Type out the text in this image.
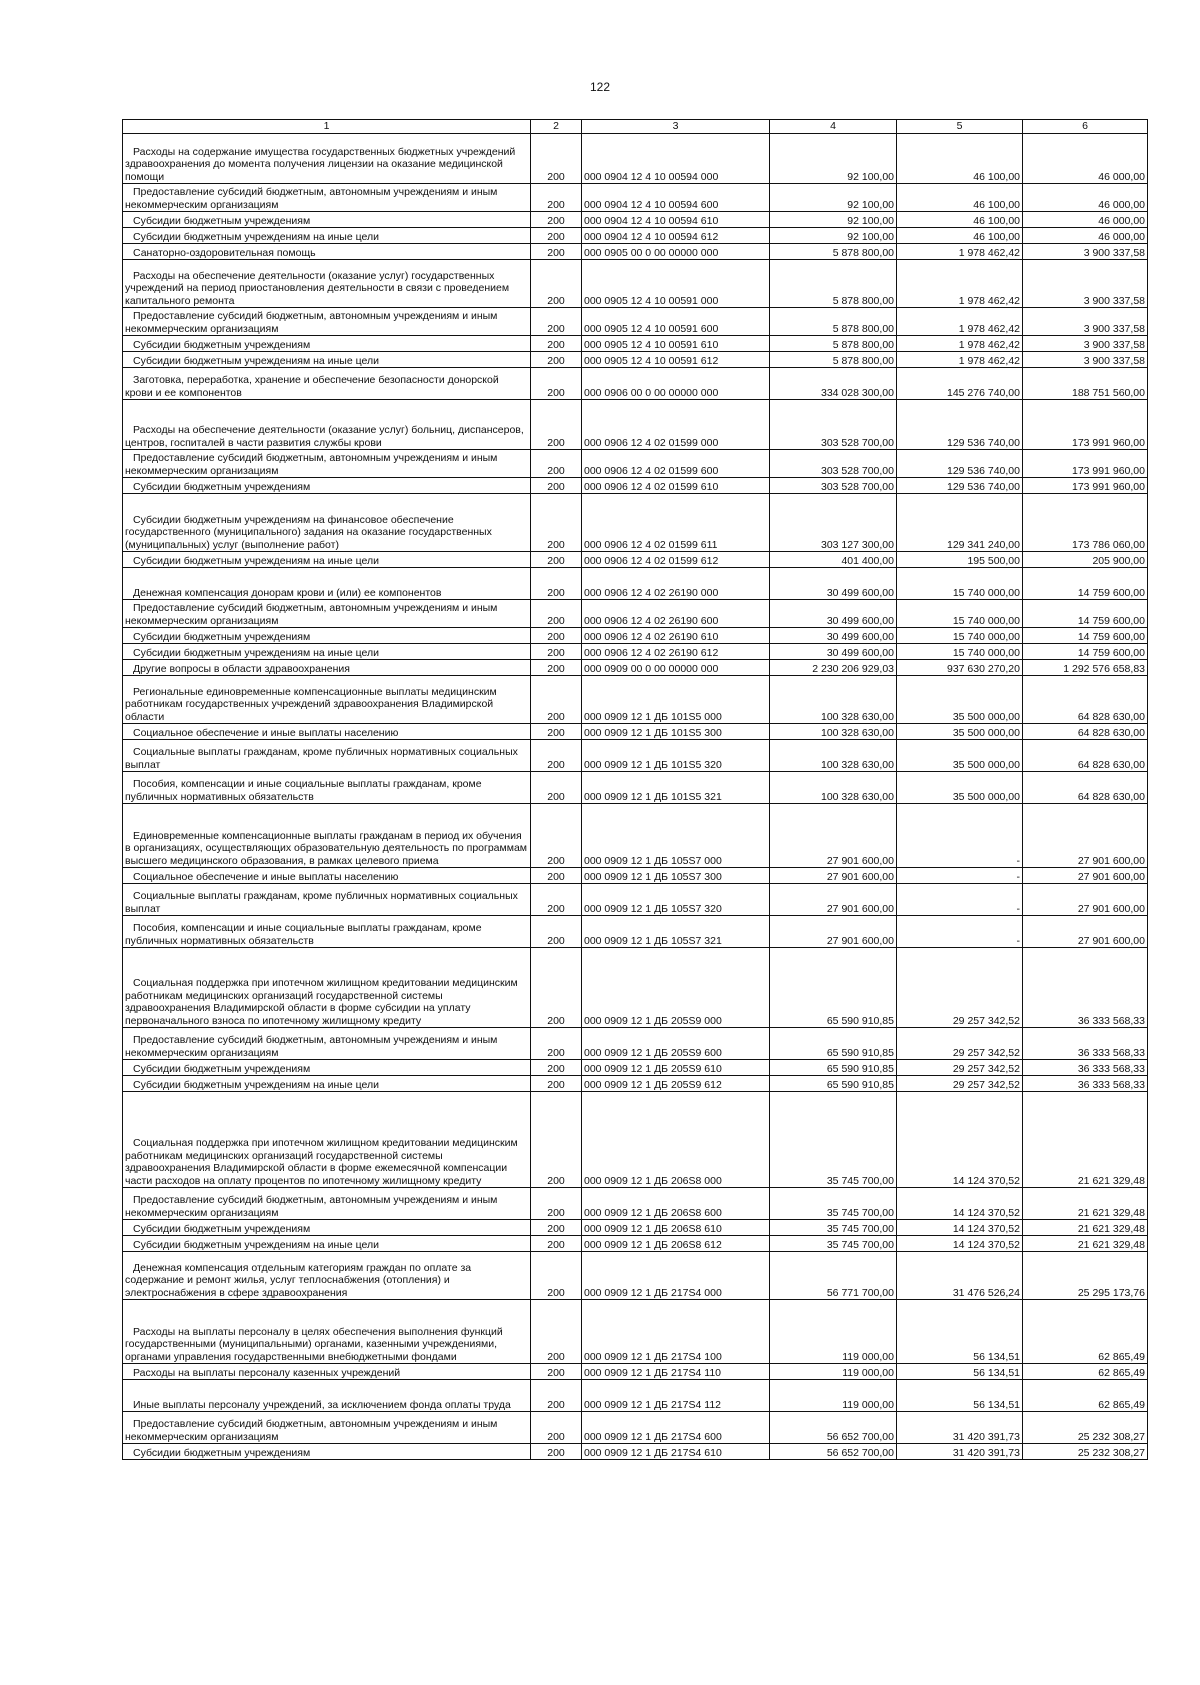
122
1	2	3	4	5	6
Расходы на содержание имущества государственных бюджетных учреждений здравоохранения до момента получения лицензии на оказание медицинской помощи	200	000 0904 12 4 10 00594 000	92 100,00	46 100,00	46 000,00
Предоставление субсидий бюджетным, автономным учреждениям и иным некоммерческим организациям	200	000 0904 12 4 10 00594 600	92 100,00	46 100,00	46 000,00
Субсидии бюджетным учреждениям	200	000 0904 12 4 10 00594 610	92 100,00	46 100,00	46 000,00
Субсидии бюджетным учреждениям на иные цели	200	000 0904 12 4 10 00594 612	92 100,00	46 100,00	46 000,00
Санаторно-оздоровительная помощь	200	000 0905 00 0 00 00000 000	5 878 800,00	1 978 462,42	3 900 337,58
Расходы на обеспечение деятельности (оказание услуг) государственных учреждений на период приостановления деятельности в связи с проведением капитального ремонта	200	000 0905 12 4 10 00591 000	5 878 800,00	1 978 462,42	3 900 337,58
Предоставление субсидий бюджетным, автономным учреждениям и иным некоммерческим организациям	200	000 0905 12 4 10 00591 600	5 878 800,00	1 978 462,42	3 900 337,58
Субсидии бюджетным учреждениям	200	000 0905 12 4 10 00591 610	5 878 800,00	1 978 462,42	3 900 337,58
Субсидии бюджетным учреждениям на иные цели	200	000 0905 12 4 10 00591 612	5 878 800,00	1 978 462,42	3 900 337,58
Заготовка, переработка, хранение и обеспечение безопасности донорской крови и ее компонентов	200	000 0906 00 0 00 00000 000	334 028 300,00	145 276 740,00	188 751 560,00
Расходы на обеспечение деятельности (оказание услуг) больниц, диспансеров, центров, госпиталей в части развития службы крови	200	000 0906 12 4 02 01599 000	303 528 700,00	129 536 740,00	173 991 960,00
Предоставление субсидий бюджетным, автономным учреждениям и иным некоммерческим организациям	200	000 0906 12 4 02 01599 600	303 528 700,00	129 536 740,00	173 991 960,00
Субсидии бюджетным учреждениям	200	000 0906 12 4 02 01599 610	303 528 700,00	129 536 740,00	173 991 960,00
Субсидии бюджетным учреждениям на финансовое обеспечение государственного (муниципального) задания на оказание государственных (муниципальных) услуг (выполнение работ)	200	000 0906 12 4 02 01599 611	303 127 300,00	129 341 240,00	173 786 060,00
Субсидии бюджетным учреждениям на иные цели	200	000 0906 12 4 02 01599 612	401 400,00	195 500,00	205 900,00
Денежная компенсация донорам крови и (или) ее компонентов	200	000 0906 12 4 02 26190 000	30 499 600,00	15 740 000,00	14 759 600,00
Предоставление субсидий бюджетным, автономным учреждениям и иным некоммерческим организациям	200	000 0906 12 4 02 26190 600	30 499 600,00	15 740 000,00	14 759 600,00
Субсидии бюджетным учреждениям	200	000 0906 12 4 02 26190 610	30 499 600,00	15 740 000,00	14 759 600,00
Субсидии бюджетным учреждениям на иные цели	200	000 0906 12 4 02 26190 612	30 499 600,00	15 740 000,00	14 759 600,00
Другие вопросы в области здравоохранения	200	000 0909 00 0 00 00000 000	2 230 206 929,03	937 630 270,20	1 292 576 658,83
Региональные единовременные компенсационные выплаты медицинским работникам государственных учреждений здравоохранения Владимирской области	200	000 0909 12 1 ДБ 101S5 000	100 328 630,00	35 500 000,00	64 828 630,00
Социальное обеспечение и иные выплаты населению	200	000 0909 12 1 ДБ 101S5 300	100 328 630,00	35 500 000,00	64 828 630,00
Социальные выплаты гражданам, кроме публичных нормативных социальных выплат	200	000 0909 12 1 ДБ 101S5 320	100 328 630,00	35 500 000,00	64 828 630,00
Пособия, компенсации и иные социальные выплаты гражданам, кроме публичных нормативных обязательств	200	000 0909 12 1 ДБ 101S5 321	100 328 630,00	35 500 000,00	64 828 630,00
Единовременные компенсационные выплаты гражданам в период их обучения в организациях, осуществляющих образовательную деятельность по программам высшего медицинского образования, в рамках целевого приема	200	000 0909 12 1 ДБ 105S7 000	27 901 600,00	-	27 901 600,00
Социальное обеспечение и иные выплаты населению	200	000 0909 12 1 ДБ 105S7 300	27 901 600,00	-	27 901 600,00
Социальные выплаты гражданам, кроме публичных нормативных социальных выплат	200	000 0909 12 1 ДБ 105S7 320	27 901 600,00	-	27 901 600,00
Пособия, компенсации и иные социальные выплаты гражданам, кроме публичных нормативных обязательств	200	000 0909 12 1 ДБ 105S7 321	27 901 600,00	-	27 901 600,00
Социальная поддержка при ипотечном жилищном кредитовании медицинским работникам медицинских организаций государственной системы здравоохранения Владимирской области в форме субсидии на уплату первоначального взноса по ипотечному жилищному кредиту	200	000 0909 12 1 ДБ 205S9 000	65 590 910,85	29 257 342,52	36 333 568,33
Предоставление субсидий бюджетным, автономным учреждениям и иным некоммерческим организациям	200	000 0909 12 1 ДБ 205S9 600	65 590 910,85	29 257 342,52	36 333 568,33
Субсидии бюджетным учреждениям	200	000 0909 12 1 ДБ 205S9 610	65 590 910,85	29 257 342,52	36 333 568,33
Субсидии бюджетным учреждениям на иные цели	200	000 0909 12 1 ДБ 205S9 612	65 590 910,85	29 257 342,52	36 333 568,33
Социальная поддержка при ипотечном жилищном кредитовании медицинским работникам медицинских организаций государственной системы здравоохранения Владимирской области в форме ежемесячной компенсации части расходов на оплату процентов по ипотечному жилищному кредиту	200	000 0909 12 1 ДБ 206S8 000	35 745 700,00	14 124 370,52	21 621 329,48
Предоставление субсидий бюджетным, автономным учреждениям и иным некоммерческим организациям	200	000 0909 12 1 ДБ 206S8 600	35 745 700,00	14 124 370,52	21 621 329,48
Субсидии бюджетным учреждениям	200	000 0909 12 1 ДБ 206S8 610	35 745 700,00	14 124 370,52	21 621 329,48
Субсидии бюджетным учреждениям на иные цели	200	000 0909 12 1 ДБ 206S8 612	35 745 700,00	14 124 370,52	21 621 329,48
Денежная компенсация отдельным категориям граждан по оплате за содержание и ремонт жилья, услуг теплоснабжения (отопления) и электроснабжения в сфере здравоохранения	200	000 0909 12 1 ДБ 217S4 000	56 771 700,00	31 476 526,24	25 295 173,76
Расходы на выплаты персоналу в целях обеспечения выполнения функций государственными (муниципальными) органами, казенными учреждениями, органами управления государственными внебюджетными фондами	200	000 0909 12 1 ДБ 217S4 100	119 000,00	56 134,51	62 865,49
Расходы на выплаты персоналу казенных учреждений	200	000 0909 12 1 ДБ 217S4 110	119 000,00	56 134,51	62 865,49
Иные выплаты персоналу учреждений, за исключением фонда оплаты труда	200	000 0909 12 1 ДБ 217S4 112	119 000,00	56 134,51	62 865,49
Предоставление субсидий бюджетным, автономным учреждениям и иным некоммерческим организациям	200	000 0909 12 1 ДБ 217S4 600	56 652 700,00	31 420 391,73	25 232 308,27
Субсидии бюджетным учреждениям	200	000 0909 12 1 ДБ 217S4 610	56 652 700,00	31 420 391,73	25 232 308,27
